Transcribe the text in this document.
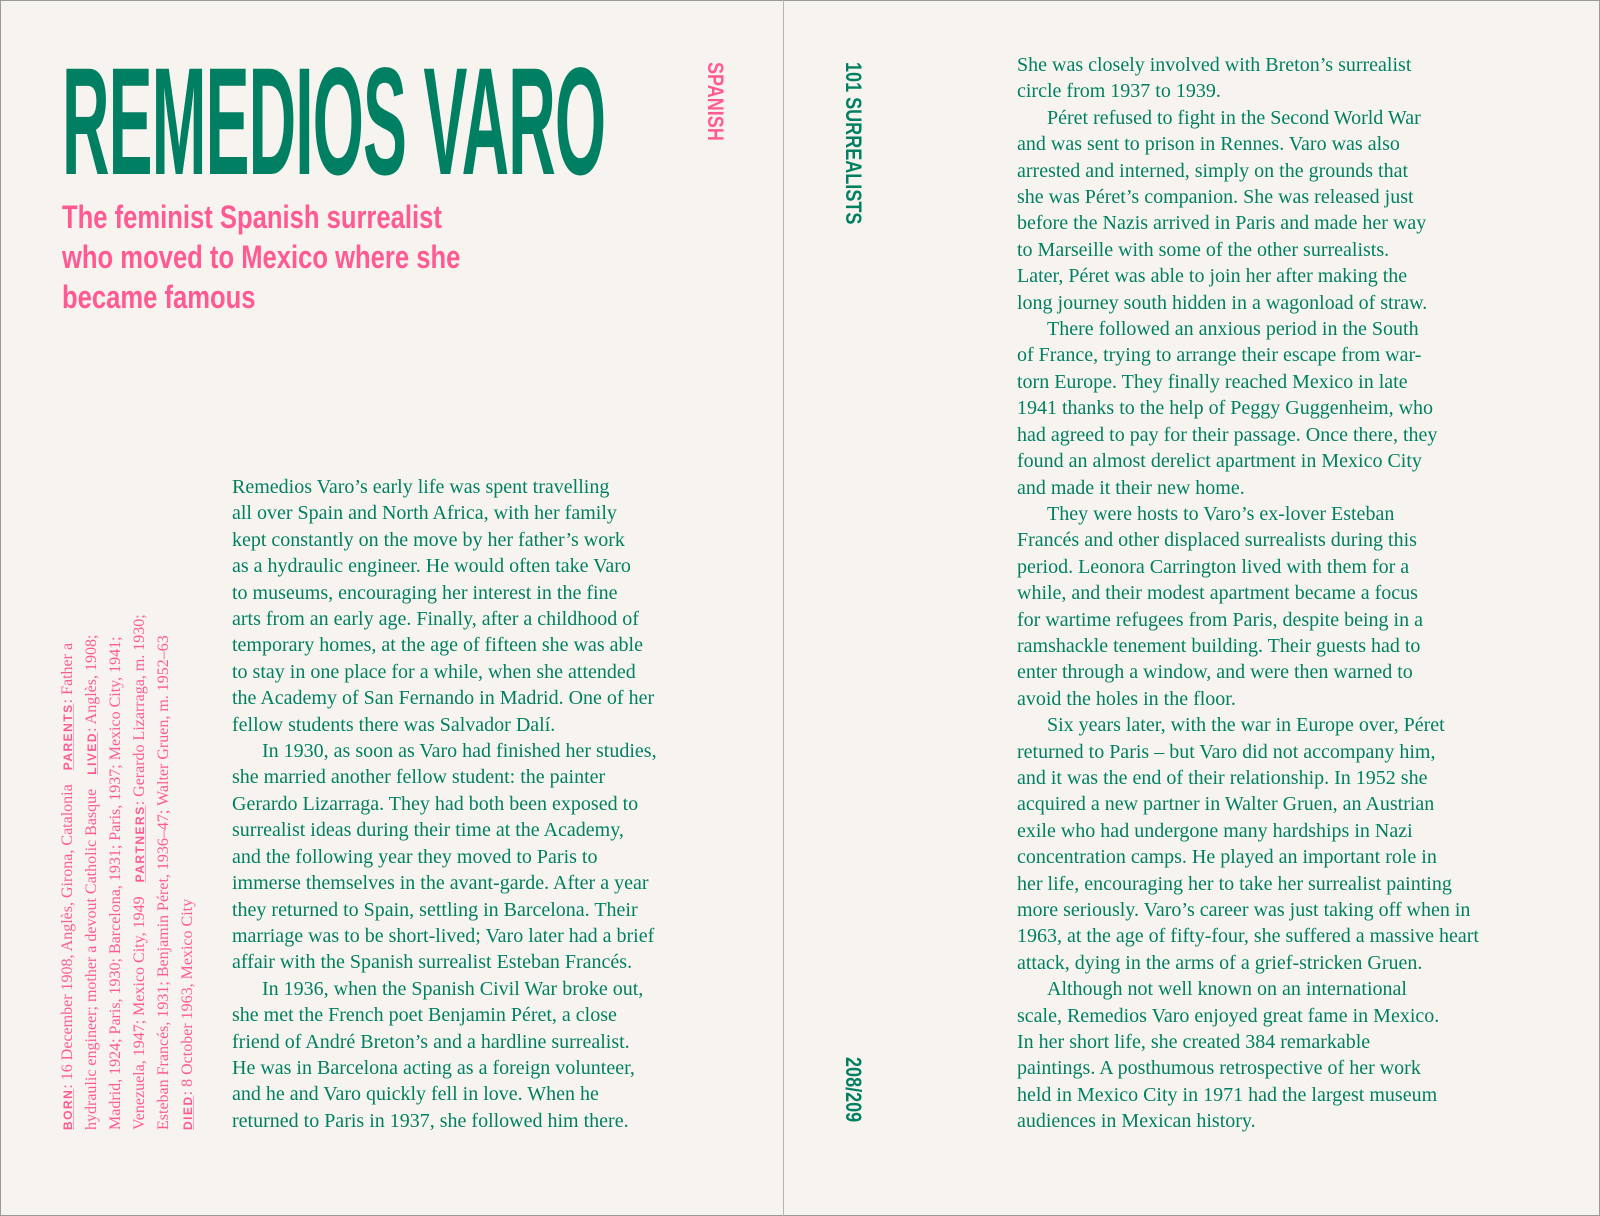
REMEDIOS VARO
The feminist Spanish surrealist
who moved to Mexico where she
became famous
SPANISH	101 SURREALISTS
208/209
BORN: 16 December 1908, Anglès, Girona, CataloniaPARENTS: Father a
hydraulic engineer; mother a devout Catholic BasqueLIVED: Anglès, 1908; Madrid, 1924; Paris, 1930; Barcelona, 1931; Paris, 1937; Mexico City, 1941; Venezuela, 1947; Mexico City, 1949PARTNERS: Gerardo Lizarraga, m. 1930; Esteban Francés, 1931; Benjamin Péret, 1936–47; Walter Gruen, m. 1952–63 DIED: 8 October 1963, Mexico City
Remedios Varo’s early life was spent travelling
all over Spain and North Africa, with her family
kept constantly on the move by her father’s work
as a hydraulic engineer. He would often take Varo
to museums, encouraging her interest in the fine
arts from an early age. Finally, after a childhood of
temporary homes, at the age of fifteen she was able
to stay in one place for a while, when she attended
the Academy of San Fernando in Madrid. One of her
fellow students there was Salvador Dalí.
In 1930, as soon as Varo had finished her studies,
she married another fellow student: the painter
Gerardo Lizarraga. They had both been exposed to
surrealist ideas during their time at the Academy,
and the following year they moved to Paris to
immerse themselves in the avant-garde. After a year
they returned to Spain, settling in Barcelona. Their
marriage was to be short-lived; Varo later had a brief
affair with the Spanish surrealist Esteban Francés.
In 1936, when the Spanish Civil War broke out,
she met the French poet Benjamin Péret, a close
friend of André Breton’s and a hardline surrealist.
He was in Barcelona acting as a foreign volunteer,
and he and Varo quickly fell in love. When he
returned to Paris in 1937, she followed him there.
She was closely involved with Breton’s surrealist
circle from 1937 to 1939.
Péret refused to fight in the Second World War
and was sent to prison in Rennes. Varo was also
arrested and interned, simply on the grounds that
she was Péret’s companion. She was released just
before the Nazis arrived in Paris and made her way
to Marseille with some of the other surrealists.
Later, Péret was able to join her after making the
long journey south hidden in a wagonload of straw.
There followed an anxious period in the South
of France, trying to arrange their escape from war-
torn Europe. They finally reached Mexico in late
1941 thanks to the help of Peggy Guggenheim, who
had agreed to pay for their passage. Once there, they
found an almost derelict apartment in Mexico City
and made it their new home.
They were hosts to Varo’s ex-lover Esteban
Francés and other displaced surrealists during this
period. Leonora Carrington lived with them for a
while, and their modest apartment became a focus
for wartime refugees from Paris, despite being in a
ramshackle tenement building. Their guests had to
enter through a window, and were then warned to
avoid the holes in the floor.
Six years later, with the war in Europe over, Péret
returned to Paris – but Varo did not accompany him,
and it was the end of their relationship. In 1952 she
acquired a new partner in Walter Gruen, an Austrian
exile who had undergone many hardships in Nazi
concentration camps. He played an important role in
her life, encouraging her to take her surrealist painting
more seriously. Varo’s career was just taking off when in
1963, at the age of fifty-four, she suffered a massive heart
attack, dying in the arms of a grief-stricken Gruen.
Although not well known on an international
scale, Remedios Varo enjoyed great fame in Mexico.
In her short life, she created 384 remarkable
paintings. A posthumous retrospective of her work
held in Mexico City in 1971 had the largest museum
audiences in Mexican history.
